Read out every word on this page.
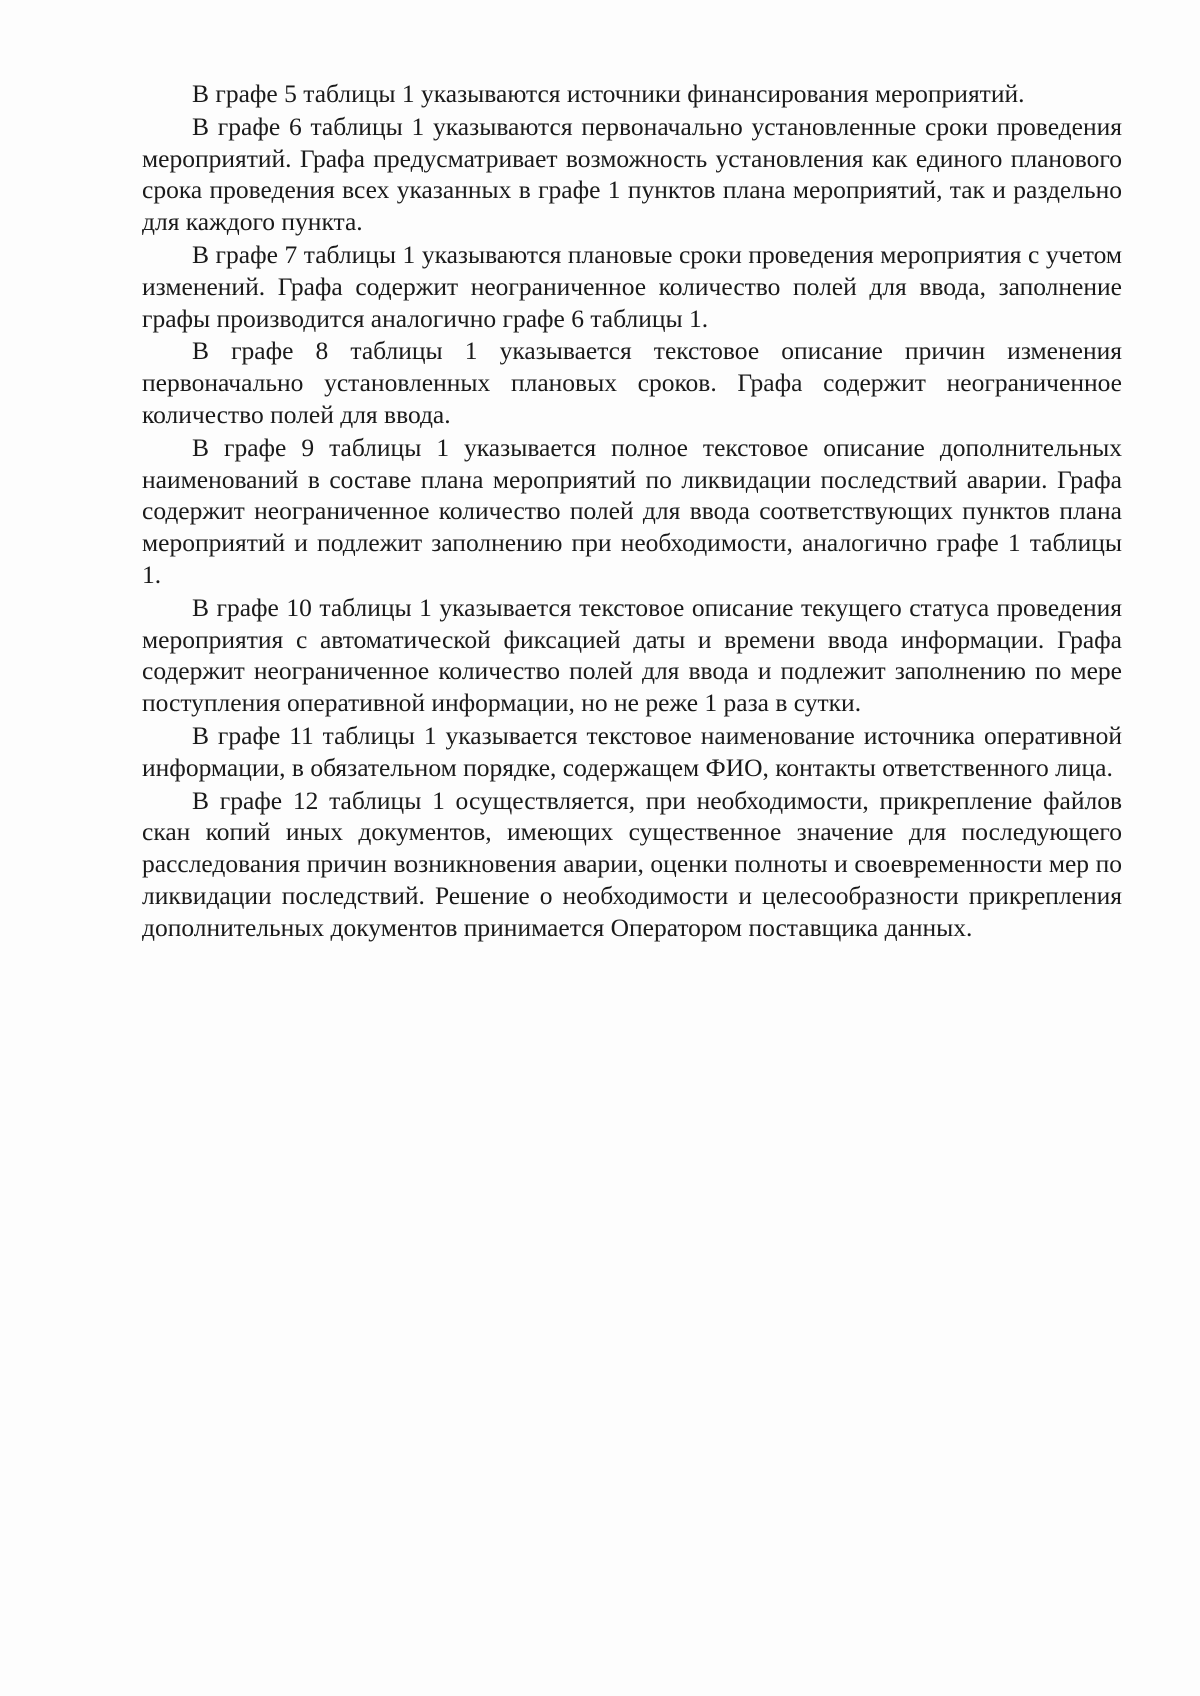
В графе 5 таблицы 1 указываются источники финансирования мероприятий.

В графе 6 таблицы 1 указываются первоначально установленные сроки проведения мероприятий. Графа предусматривает возможность установления как единого планового срока проведения всех указанных в графе 1 пунктов плана мероприятий, так и раздельно для каждого пункта.

В графе 7 таблицы 1 указываются плановые сроки проведения мероприятия с учетом изменений. Графа содержит неограниченное количество полей для ввода, заполнение графы производится аналогично графе 6 таблицы 1.

В графе 8 таблицы 1 указывается текстовое описание причин изменения первоначально установленных плановых сроков. Графа содержит неограниченное количество полей для ввода.

В графе 9 таблицы 1 указывается полное текстовое описание дополнительных наименований в составе плана мероприятий по ликвидации последствий аварии. Графа содержит неограниченное количество полей для ввода соответствующих пунктов плана мероприятий и подлежит заполнению при необходимости, аналогично графе 1 таблицы 1.

В графе 10 таблицы 1 указывается текстовое описание текущего статуса проведения мероприятия с автоматической фиксацией даты и времени ввода информации. Графа содержит неограниченное количество полей для ввода и подлежит заполнению по мере поступления оперативной информации, но не реже 1 раза в сутки.

В графе 11 таблицы 1 указывается текстовое наименование источника оперативной информации, в обязательном порядке, содержащем ФИО, контакты ответственного лица.

В графе 12 таблицы 1 осуществляется, при необходимости, прикрепление файлов скан копий иных документов, имеющих существенное значение для последующего расследования причин возникновения аварии, оценки полноты и своевременности мер по ликвидации последствий. Решение о необходимости и целесообразности прикрепления дополнительных документов принимается Оператором поставщика данных.
